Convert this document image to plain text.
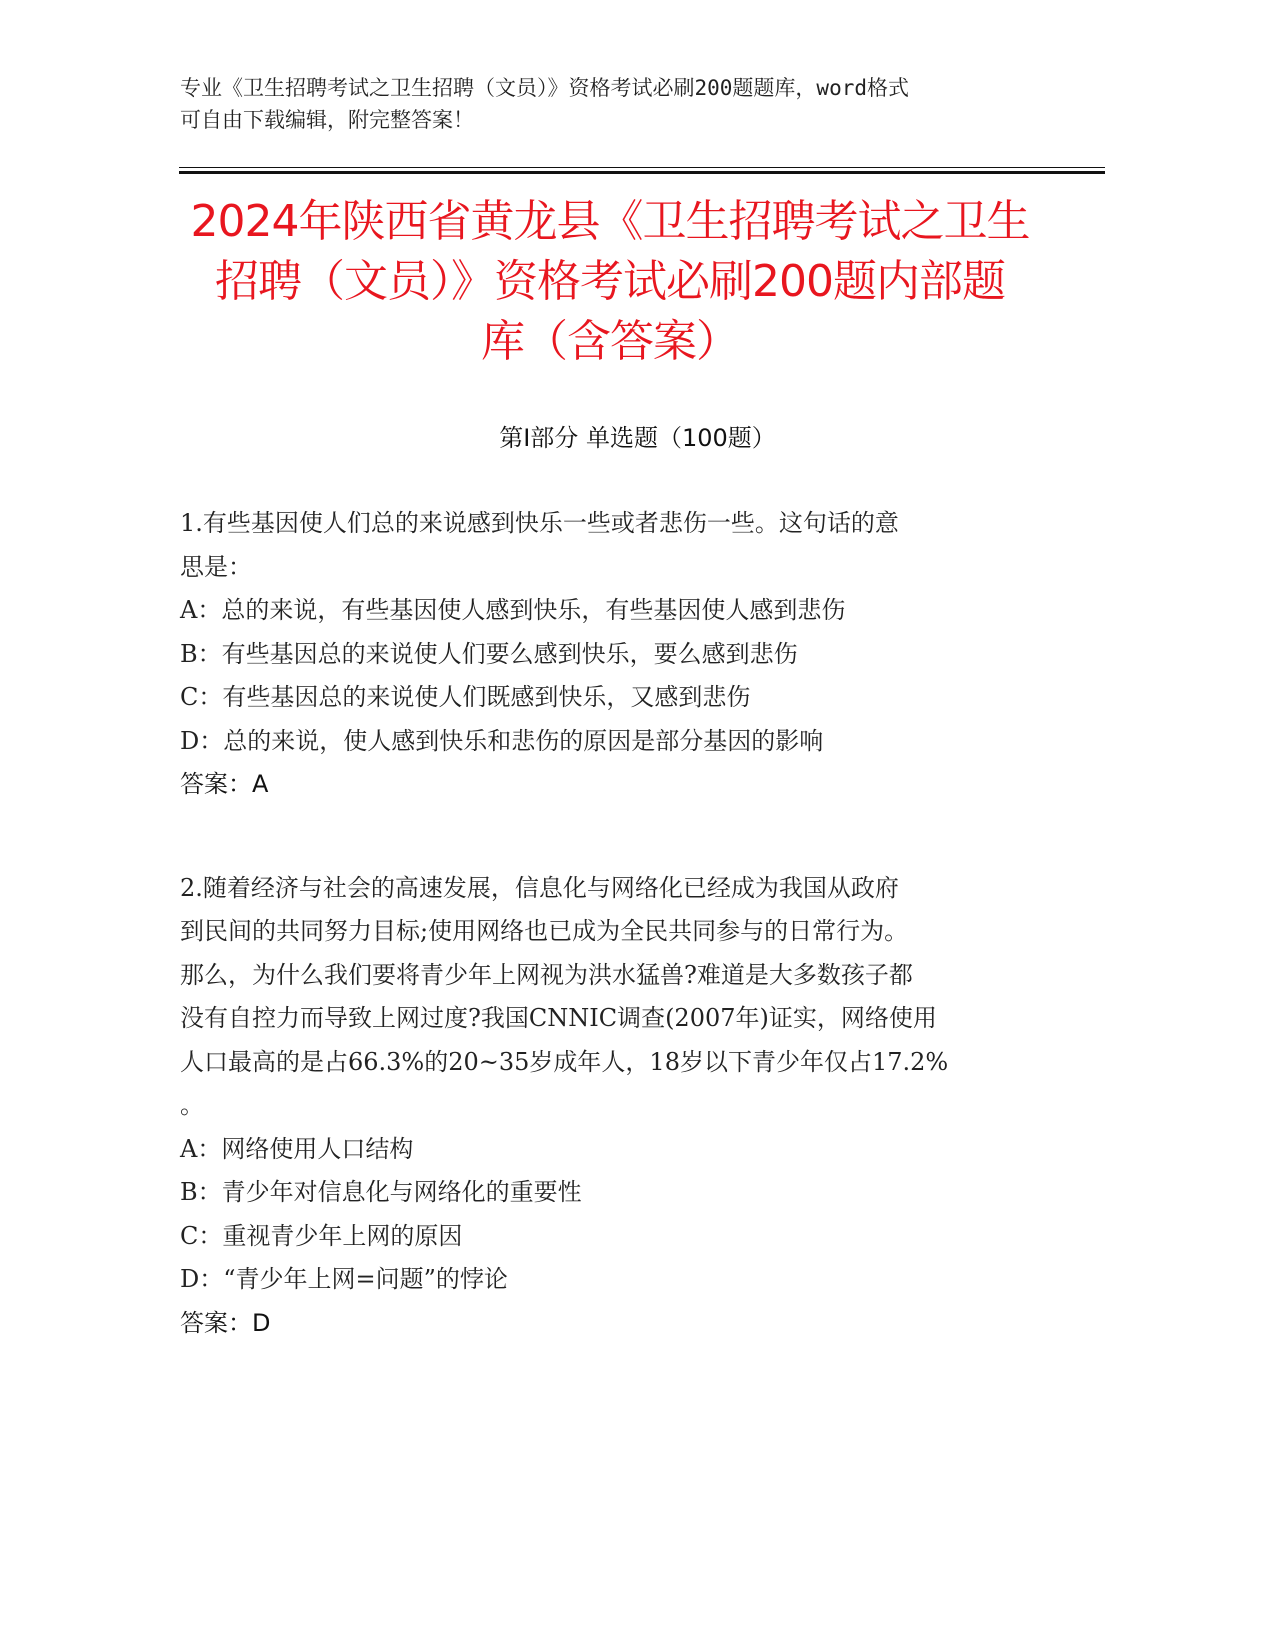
专业《卫生招聘考试之卫生招聘（文员）》资格考试必刷200题题库，word格式
可自由下载编辑，附完整答案！
2024年陕西省黄龙县《卫生招聘考试之卫生
招聘（文员）》资格考试必刷200题内部题
库（含答案）
第Ⅰ部分 单选题（100题）
1.有些基因使人们总的来说感到快乐一些或者悲伤一些。这句话的意
思是：
A：总的来说，有些基因使人感到快乐，有些基因使人感到悲伤
B：有些基因总的来说使人们要么感到快乐，要么感到悲伤
C：有些基因总的来说使人们既感到快乐，又感到悲伤
D：总的来说，使人感到快乐和悲伤的原因是部分基因的影响
答案：A
2.随着经济与社会的高速发展，信息化与网络化已经成为我国从政府
到民间的共同努力目标;使用网络也已成为全民共同参与的日常行为。
那么，为什么我们要将青少年上网视为洪水猛兽?难道是大多数孩子都
没有自控力而导致上网过度?我国CNNIC调查(2007年)证实，网络使用
人口最高的是占66.3%的20~35岁成年人，18岁以下青少年仅占17.2%
。
A：网络使用人口结构
B：青少年对信息化与网络化的重要性
C：重视青少年上网的原因
D：“青少年上网=问题”的悖论
答案：D
